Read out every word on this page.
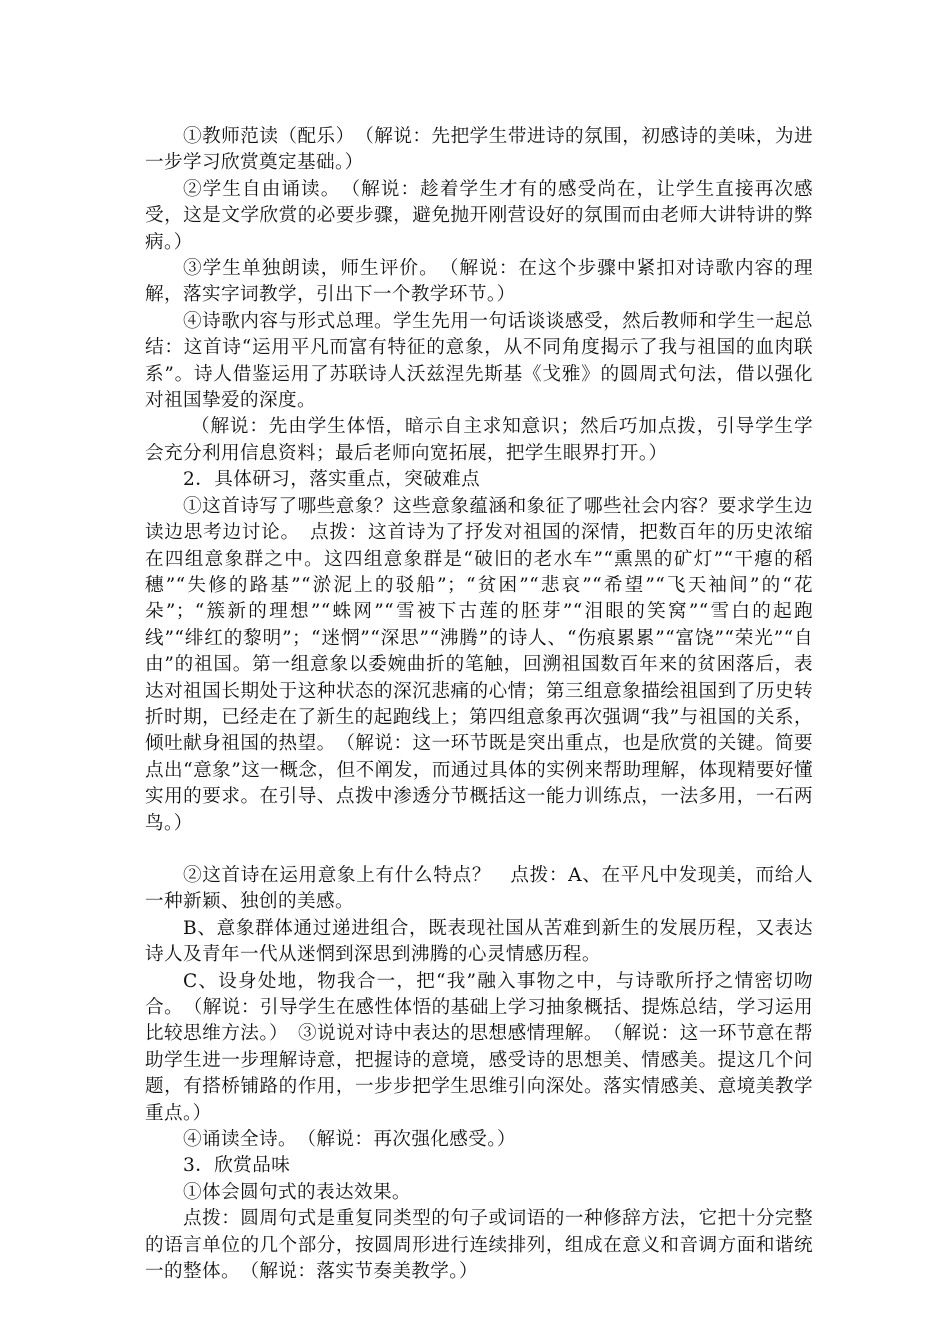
①教师范读（配乐）　（解说：先把学生带进诗的氛围，初感诗的美味，为进一步学习欣赏奠定基础。）

②学生自由诵读。　（解说：趁着学生才有的感受尚在，让学生直接再次感受，这是文学欣赏的必要步骤，避免抛开刚营设好的氛围而由老师大讲特讲的弊病。）

③学生单独朗读，师生评价。　（解说：在这个步骤中紧扣对诗歌内容的理解，落实字词教学，引出下一个教学环节。）

④诗歌内容与形式总理。学生先用一句话谈谈感受，然后教师和学生一起总结：这首诗“运用平凡而富有特征的意象，从不同角度揭示了我与祖国的血肉联系”。诗人借鉴运用了苏联诗人沃兹涅先斯基《戈雅》的圆周式句法，借以强化对祖国挚爱的深度。

（解说：先由学生体悟，暗示自主求知意识；然后巧加点拨，引导学生学会充分利用信息资料；最后老师向宽拓展，把学生眼界打开。）

2．具体研习，落实重点，突破难点

①这首诗写了哪些意象？这些意象蕴涵和象征了哪些社会内容？要求学生边读边思考边讨论。　点拨：这首诗为了抒发对祖国的深情，把数百年的历史浓缩在四组意象群之中。这四组意象群是“破旧的老水车”“熏黑的矿灯”“干瘪的稻穗”“失修的路基”“淤泥上的驳船”；“贫困”“悲哀”“希望”“飞天袖间”的“花朵”；“簇新的理想”“蛛网”“雪被下古莲的胚芽”“泪眼的笑窝”“雪白的起跑线”“绯红的黎明”；“迷惘”“深思”“沸腾”的诗人、“伤痕累累”“富饶”“荣光”“自由”的祖国。第一组意象以委婉曲折的笔触，回溯祖国数百年来的贫困落后，表达对祖国长期处于这种状态的深沉悲痛的心情；第三组意象描绘祖国到了历史转折时期，已经走在了新生的起跑线上；第四组意象再次强调“我”与祖国的关系，倾吐献身祖国的热望。　（解说：这一环节既是突出重点，也是欣赏的关键。简要点出“意象”这一概念，但不阐发，而通过具体的实例来帮助理解，体现精要好懂实用的要求。在引导、点拨中渗透分节概括这一能力训练点，一法多用，一石两鸟。）

②这首诗在运用意象上有什么特点？　点拨：A、在平凡中发现美，而给人一种新颖、独创的美感。

B、意象群体通过递进组合，既表现社国从苦难到新生的发展历程，又表达诗人及青年一代从迷惘到深思到沸腾的心灵情感历程。

C、设身处地，物我合一，把“我”融入事物之中，与诗歌所抒之情密切吻合。　（解说：引导学生在感性体悟的基础上学习抽象概括、提炼总结，学习运用比较思维方法。）　③说说对诗中表达的思想感情理解。　（解说：这一环节意在帮助学生进一步理解诗意，把握诗的意境，感受诗的思想美、情感美。提这几个问题，有搭桥铺路的作用，一步步把学生思维引向深处。落实情感美、意境美教学重点。）

④诵读全诗。　（解说：再次强化感受。）

3．欣赏品味

①体会圆句式的表达效果。

点拨：圆周句式是重复同类型的句子或词语的一种修辞方法，它把十分完整的语言单位的几个部分，按圆周形进行连续排列，组成在意义和音调方面和谐统一的整体。　（解说：落实节奏美教学。）
